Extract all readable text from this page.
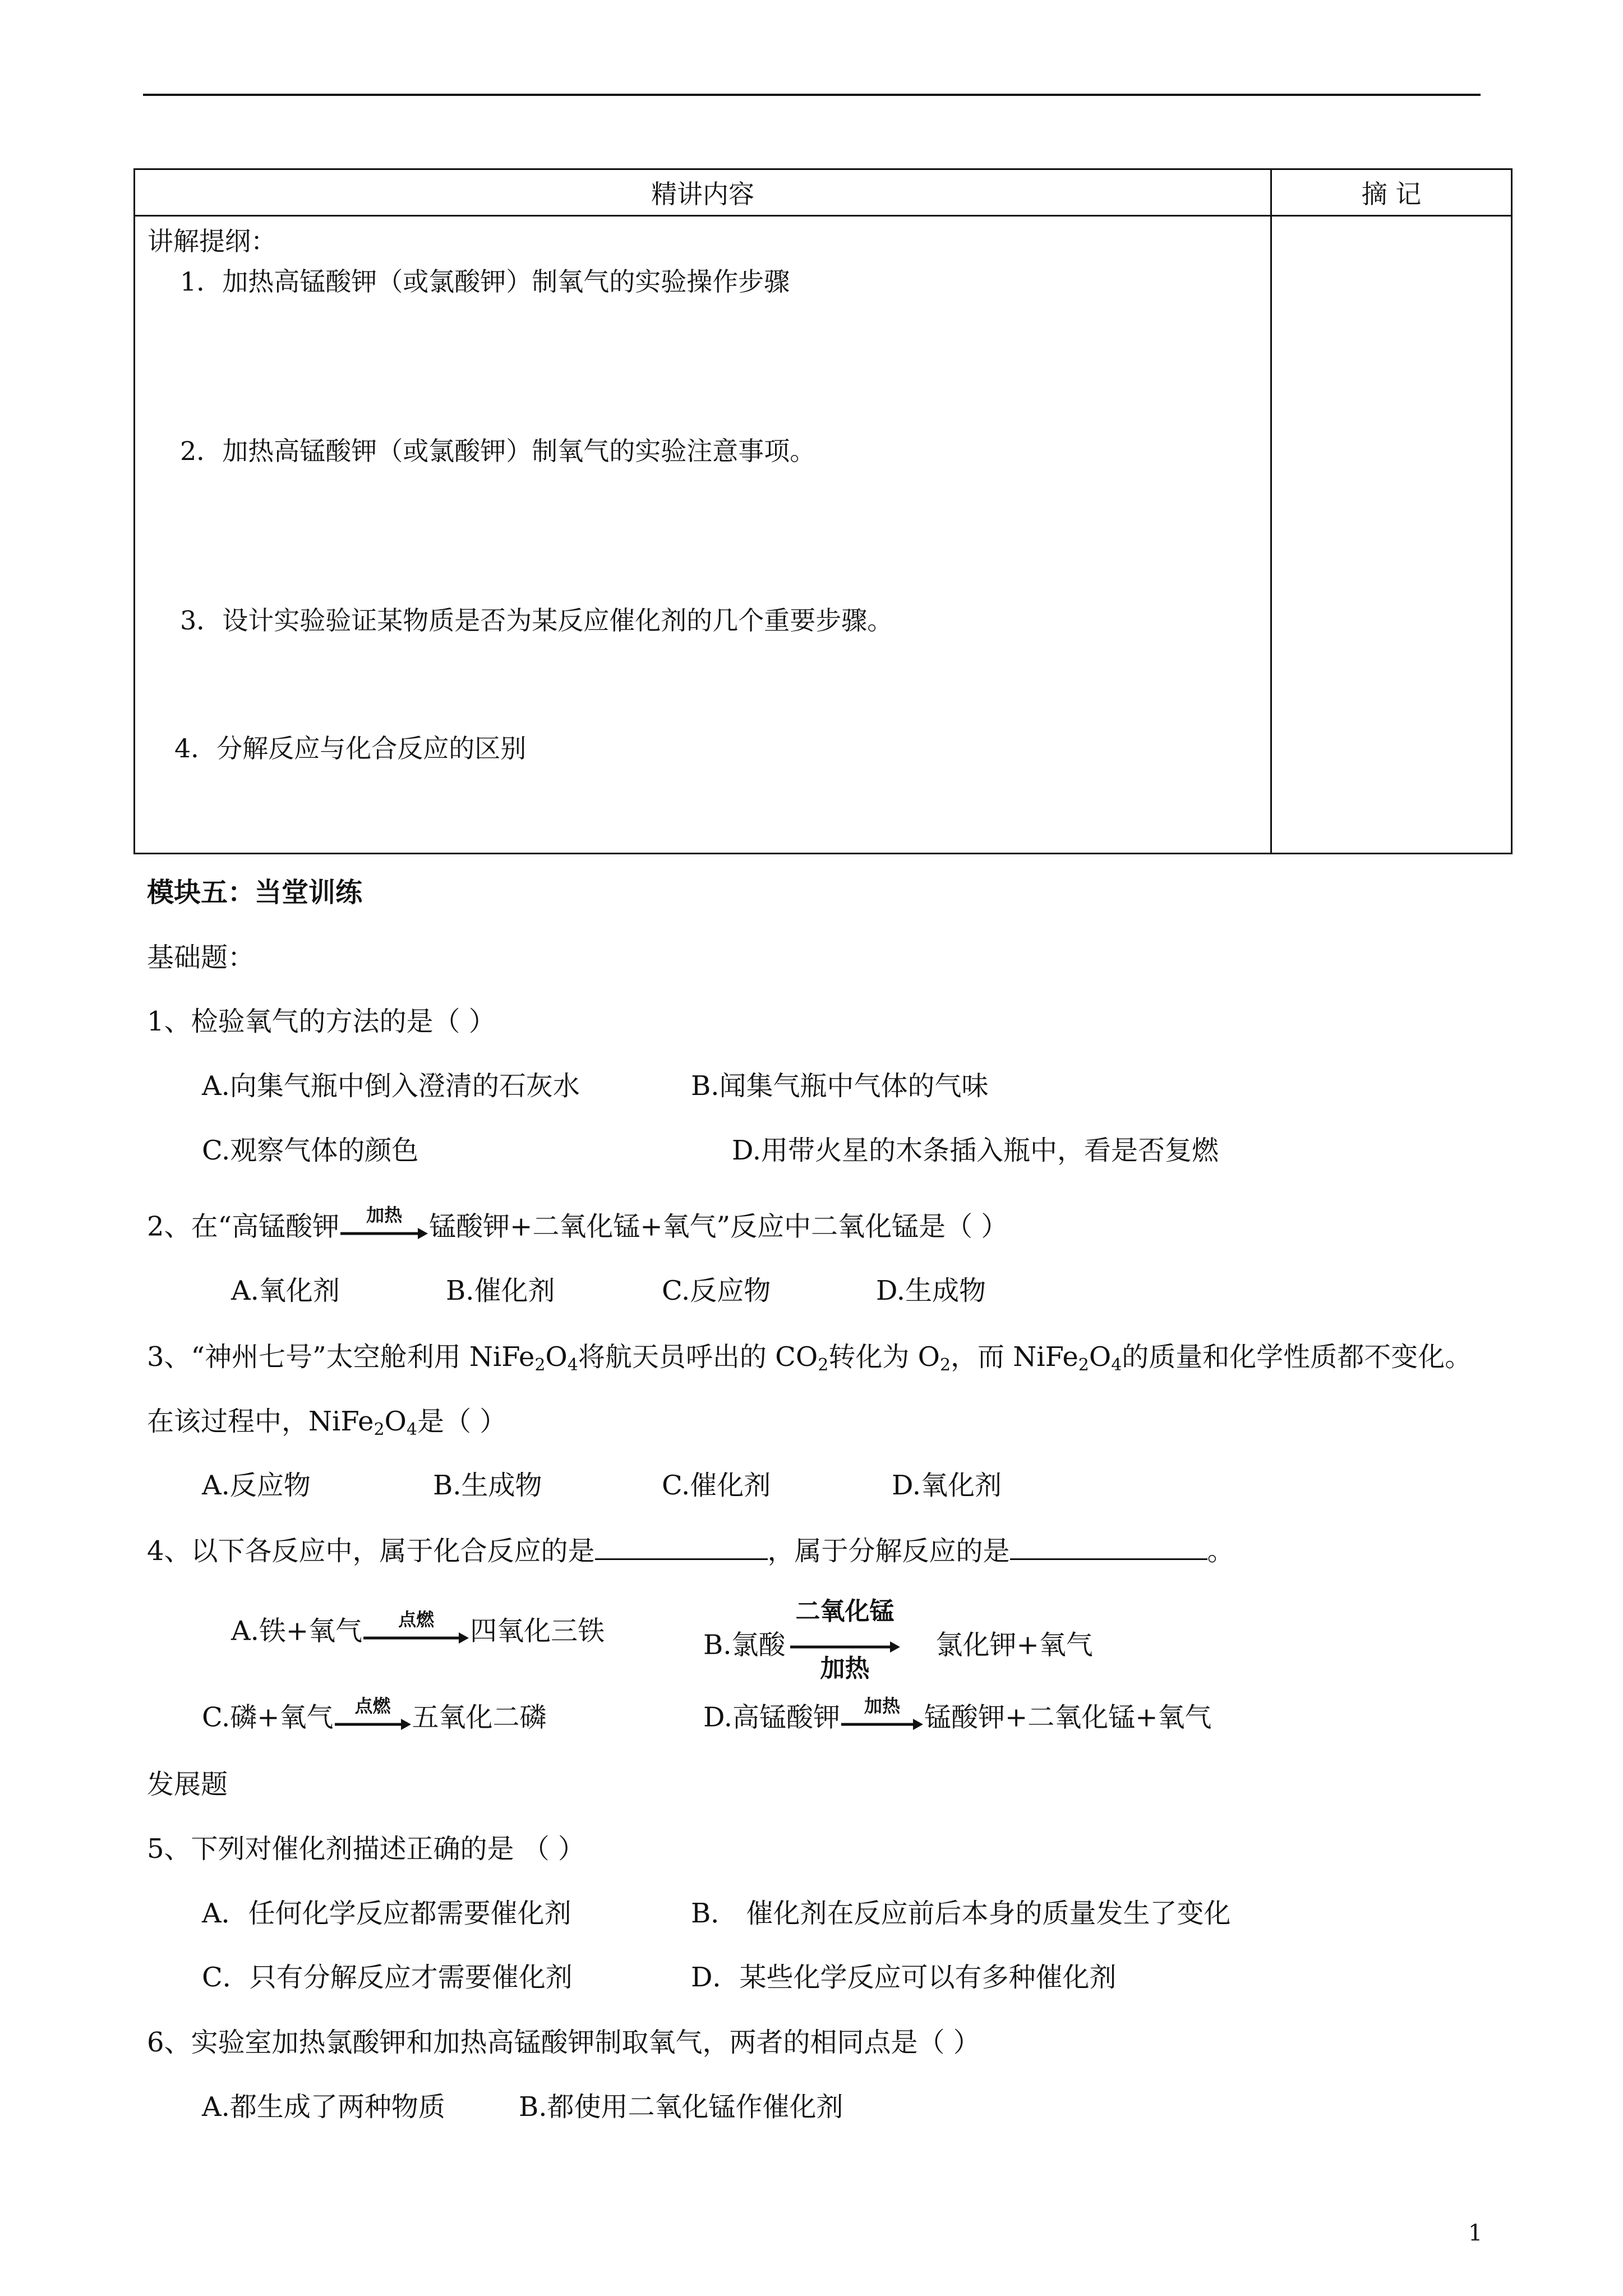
精讲内容	摘 记

讲解提纲：
1．加热高锰酸钾（或氯酸钾）制氧气的实验操作步骤
2．加热高锰酸钾（或氯酸钾）制氧气的实验注意事项。
3．设计实验验证某物质是否为某反应催化剂的几个重要步骤。
4．分解反应与化合反应的区别	

模块五：当堂训练
基础题：
1、检验氧气的方法的是（ ）
A.向集气瓶中倒入澄清的石灰水	B.闻集气瓶中气体的气味
C.观察气体的颜色	D.用带火星的木条插入瓶中，看是否复燃
2、在“高锰酸钾	加热	锰酸钾+二氧化锰+氧气”反应中二氧化锰是（ ）
A.氧化剂	B.催化剂	C.反应物	D.生成物
3、“神州七号”太空舱利用 $NiFe_2O_4$将航天员呼出的 $CO_2$转化为 $O_2$，而 $NiFe_2O_4$的质量和化学性质都不变化。
在该过程中，$NiFe_2O_4$是（ ）
A.反应物	B.生成物	C.催化剂	D.氧化剂
4、以下各反应中，属于化合反应的是	，属于分解反应的是	。
A.铁+氧气	点燃	四氧化三铁	B.氯酸
二氧化锰
加热
氯化钾+氧气
C.磷+氧气	点燃 五氧化二磷	D.高锰酸钾	加热 锰酸钾+二氧化锰+氧气
发展题
5、下列对催化剂描述正确的是 （ ）
A．任何化学反应都需要催化剂	B． 催化剂在反应前后本身的质量发生了变化
C．只有分解反应才需要催化剂	D．某些化学反应可以有多种催化剂
6、实验室加热氯酸钾和加热高锰酸钾制取氧气，两者的相同点是（ ）
A.都生成了两种物质	B.都使用二氧化锰作催化剂
1
